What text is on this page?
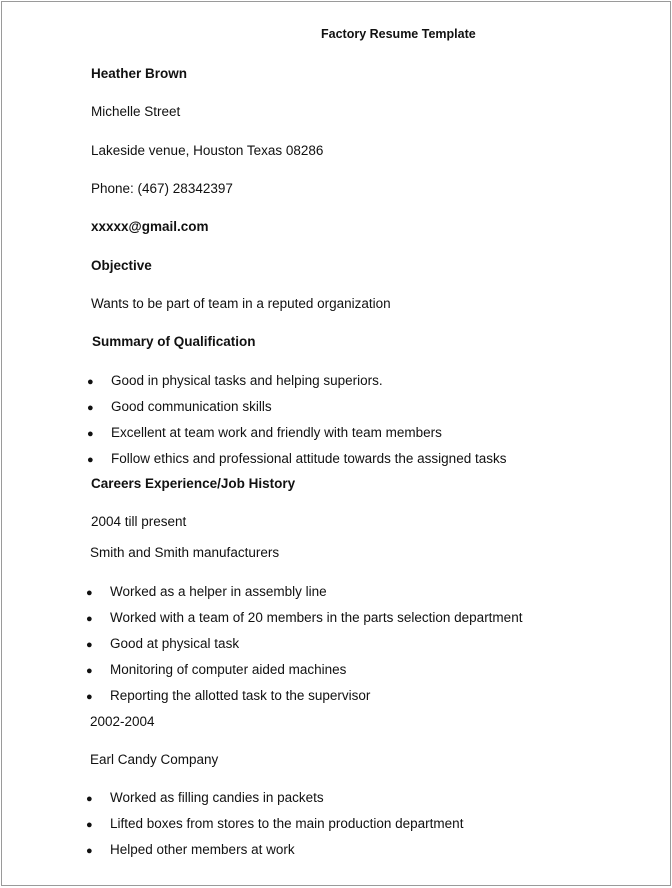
Factory Resume Template
Heather Brown
Michelle Street
Lakeside venue, Houston Texas 08286
Phone: (467) 28342397
xxxxx@gmail.com
Objective
Wants to be part of team in a reputed organization
Summary of Qualification
● Good in physical tasks and helping superiors.
● Good communication skills
● Excellent at team work and friendly with team members
● Follow ethics and professional attitude towards the assigned tasks
Careers Experience/Job History
2004 till present
Smith and Smith manufacturers
● Worked as a helper in assembly line
● Worked with a team of 20 members in the parts selection department
● Good at physical task
● Monitoring of computer aided machines
● Reporting the allotted task to the supervisor
2002-2004
Earl Candy Company
● Worked as filling candies in packets
● Lifted boxes from stores to the main production department
● Helped other members at work
